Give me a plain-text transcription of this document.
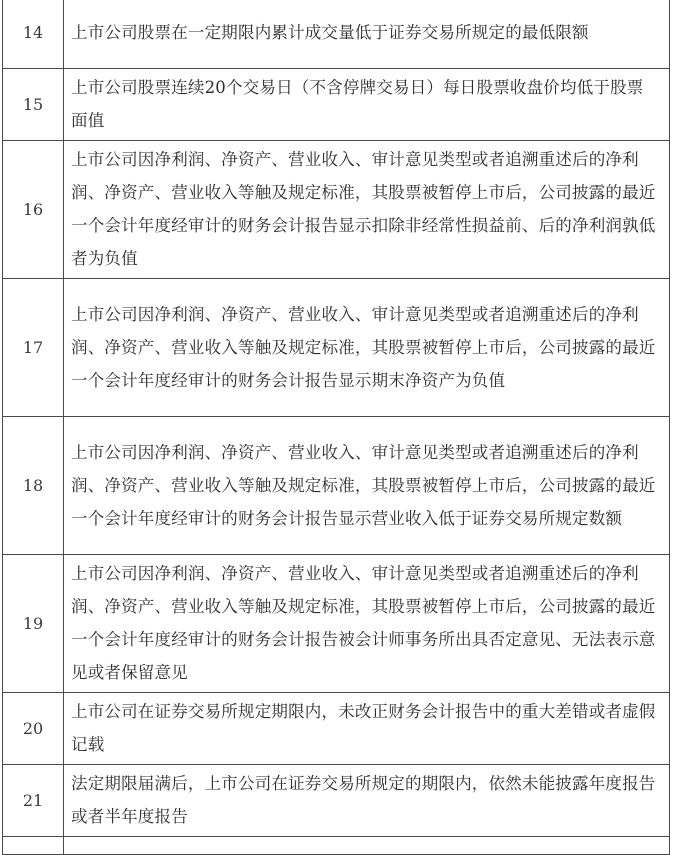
14	上市公司股票在一定期限内累计成交量低于证券交易所规定的最低限额
15	上市公司股票连续20个交易日（不含停牌交易日）每日股票收盘价均低于股票面值
16	上市公司因净利润、净资产、营业收入、审计意见类型或者追溯重述后的净利润、净资产、营业收入等触及规定标准，其股票被暂停上市后，公司披露的最近一个会计年度经审计的财务会计报告显示扣除非经常性损益前、后的净利润孰低者为负值
17	上市公司因净利润、净资产、营业收入、审计意见类型或者追溯重述后的净利润、净资产、营业收入等触及规定标准，其股票被暂停上市后，公司披露的最近一个会计年度经审计的财务会计报告显示期末净资产为负值
18	上市公司因净利润、净资产、营业收入、审计意见类型或者追溯重述后的净利润、净资产、营业收入等触及规定标准，其股票被暂停上市后，公司披露的最近一个会计年度经审计的财务会计报告显示营业收入低于证券交易所规定数额
19	上市公司因净利润、净资产、营业收入、审计意见类型或者追溯重述后的净利润、净资产、营业收入等触及规定标准，其股票被暂停上市后，公司披露的最近一个会计年度经审计的财务会计报告被会计师事务所出具否定意见、无法表示意见或者保留意见
20	上市公司在证券交易所规定期限内，未改正财务会计报告中的重大差错或者虚假记载
21	法定期限届满后，上市公司在证券交易所规定的期限内，依然未能披露年度报告或者半年度报告
